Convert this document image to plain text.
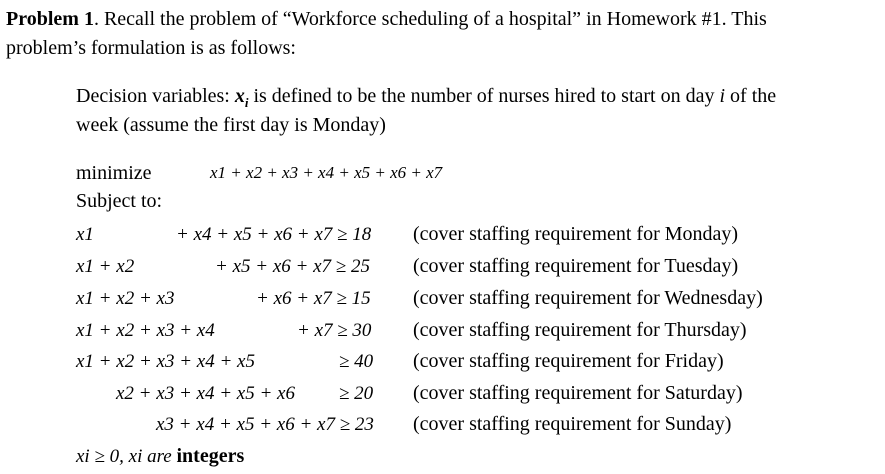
Problem 1. Recall the problem of “Workforce scheduling of a hospital” in Homework #1. This
problem’s formulation is as follows:
Decision variables: $x_i$ is defined to be the number of nurses hired to start on day i of the
week (assume the first day is Monday)
minimize	x1 + x2 + x3 + x4 + x5 + x6 + x7
Subject to:
x1	+ x4 + x5 + x6 + x7 ≥ 18 (cover staffing requirement for Monday)
x1 + x2	+ x5 + x6 + x7 ≥ 25 (cover staffing requirement for Tuesday)
x1 + x2 + x3	+ x6 + x7 ≥ 15 (cover staffing requirement for Wednesday)
x1 + x2 + x3 + x4	+ x7 ≥ 30 (cover staffing requirement for Thursday)
x1 + x2 + x3 + x4 + x5	≥ 40 (cover staffing requirement for Friday)
x2 + x3 + x4 + x5 + x6 ≥ 20 (cover staffing requirement for Saturday)
x3 + x4 + x5 + x6 + x7 ≥ 23 (cover staffing requirement for Sunday)
xi ≥ 0, xi are integers
